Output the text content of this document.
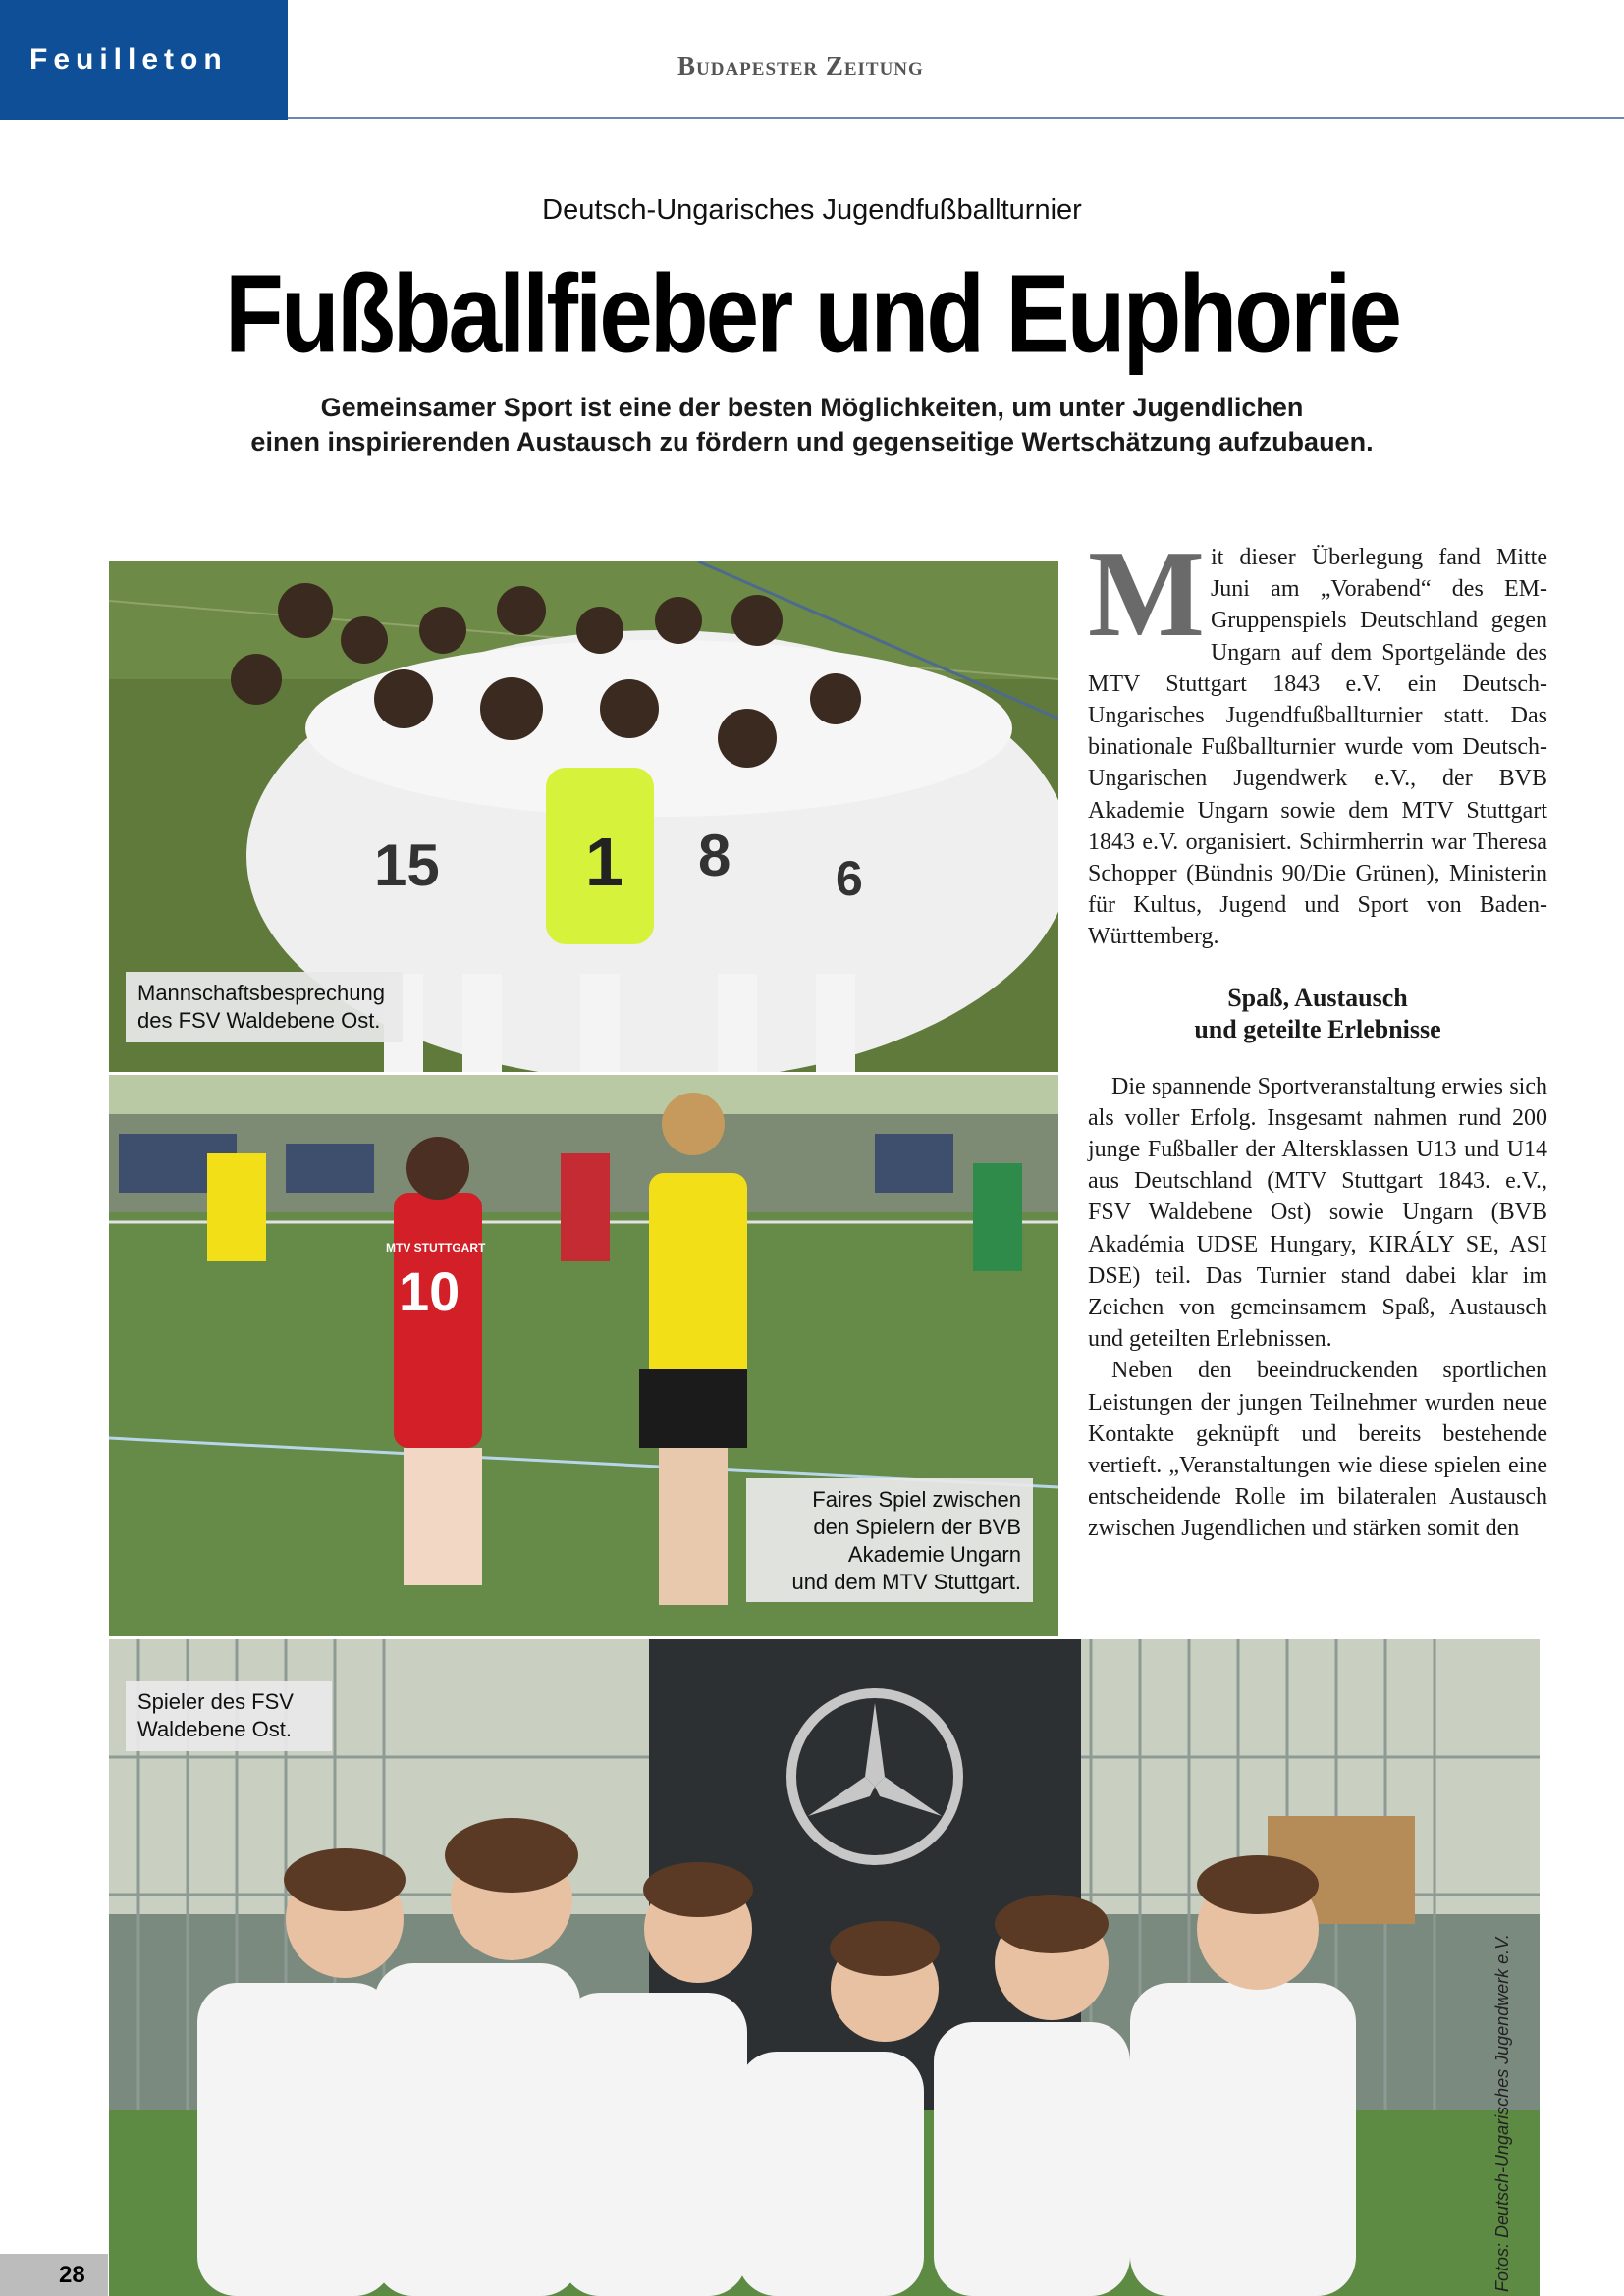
Feuilleton	Budapester Zeitung
Deutsch-Ungarisches Jugendfußballturnier
Fußballfieber und Euphorie
Gemeinsamer Sport ist eine der besten Möglichkeiten, um unter Jugendlichen
einen inspirierenden Austausch zu fördern und gegenseitige Wertschätzung aufzubauen.
1
15	8 6
Mannschaftsbesprechung
des FSV Waldebene Ost.
10
MTV STUTTGART
Faires Spiel zwischen
den Spielern der BVB
Akademie Ungarn
und dem MTV Stuttgart.
Spieler des FSV
Waldebene Ost.
Fotos: Deutsch-Ungarisches Jugendwerk e.V.

Mit dieser Überlegung fand Mitte Juni am „Vorabend“ des EM-Gruppenspiels Deutschland gegen Ungarn auf dem Sportgelände des MTV Stuttgart 1843 e.V. ein Deutsch-Ungarisches Jugendfußballturnier statt. Das binationale Fußballturnier wurde vom Deutsch-Ungarischen Jugendwerk e.V., der BVB Akademie Ungarn sowie dem MTV Stuttgart 1843 e.V. organisiert. Schirmherrin war Theresa Schopper (Bündnis 90/Die Grünen), Ministerin für Kultus, Jugend und Sport von Baden-Württemberg.

Spaß, Austausch
und geteilte Erlebnisse

Die spannende Sportveranstaltung erwies sich als voller Erfolg. Insgesamt nahmen rund 200 junge Fußballer der Altersklassen U13 und U14 aus Deutschland (MTV Stuttgart 1843. e.V., FSV Waldebene Ost) sowie Ungarn (BVB Akadémia UDSE Hungary, KIRÁLY SE, ASI DSE) teil. Das Turnier stand dabei klar im Zeichen von gemeinsamem Spaß, Austausch und geteilten Erlebnissen.

Neben den beeindruckenden sportlichen Leistungen der jungen Teilnehmer wurden neue Kontakte geknüpft und bereits bestehende vertieft. „Veranstaltungen wie diese spielen eine entscheidende Rolle im bilateralen Austausch zwischen Jugendlichen und stärken somit den

28
